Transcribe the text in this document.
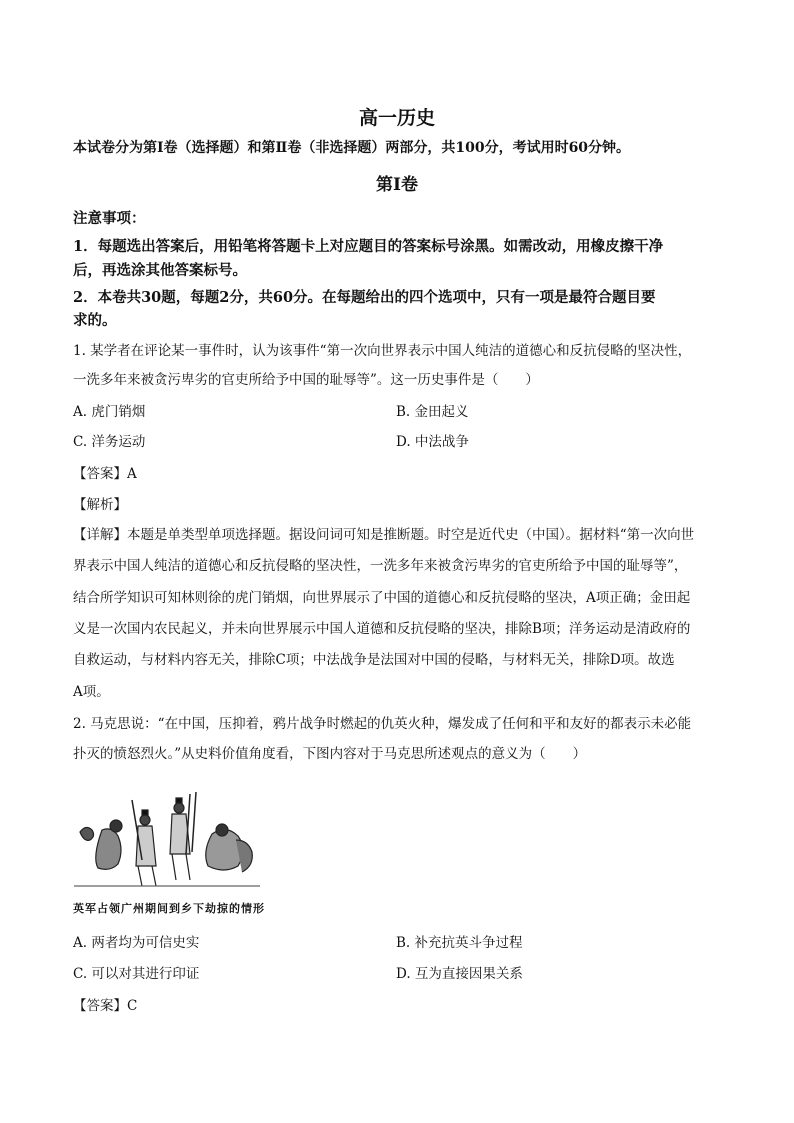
高一历史
本试卷分为第Ⅰ卷（选择题）和第Ⅱ卷（非选择题）两部分，共100分，考试用时60分钟。
第Ⅰ卷
注意事项：
1．每题选出答案后，用铅笔将答题卡上对应题目的答案标号涂黑。如需改动，用橡皮擦干净
后，再选涂其他答案标号。
2．本卷共30题，每题2分，共60分。在每题给出的四个选项中，只有一项是最符合题目要
求的。
1. 某学者在评论某一事件时，认为该事件“第一次向世界表示中国人纯洁的道德心和反抗侵略的坚决性，
一洗多年来被贪污卑劣的官吏所给予中国的耻辱等”。这一历史事件是（　　）
A. 虎门销烟	B. 金田起义
C. 洋务运动	D. 中法战争
【答案】A
【解析】
【详解】本题是单类型单项选择题。据设问词可知是推断题。时空是近代史（中国）。据材料“第一次向世
界表示中国人纯洁的道德心和反抗侵略的坚决性，一洗多年来被贪污卑劣的官吏所给予中国的耻辱等”，
结合所学知识可知林则徐的虎门销烟，向世界展示了中国的道德心和反抗侵略的坚决，A项正确；金田起
义是一次国内农民起义，并未向世界展示中国人道德和反抗侵略的坚决，排除B项；洋务运动是清政府的
自救运动，与材料内容无关，排除C项；中法战争是法国对中国的侵略，与材料无关，排除D项。故选
A项。
2. 马克思说：“在中国，压抑着，鸦片战争时燃起的仇英火种，爆发成了任何和平和友好的都表示未必能
扑灭的愤怒烈火。”从史料价值角度看，下图内容对于马克思所述观点的意义为（　　）
英军占领广州期间到乡下劫掠的情形
A. 两者均为可信史实	B. 补充抗英斗争过程
C. 可以对其进行印证	D. 互为直接因果关系
【答案】C
